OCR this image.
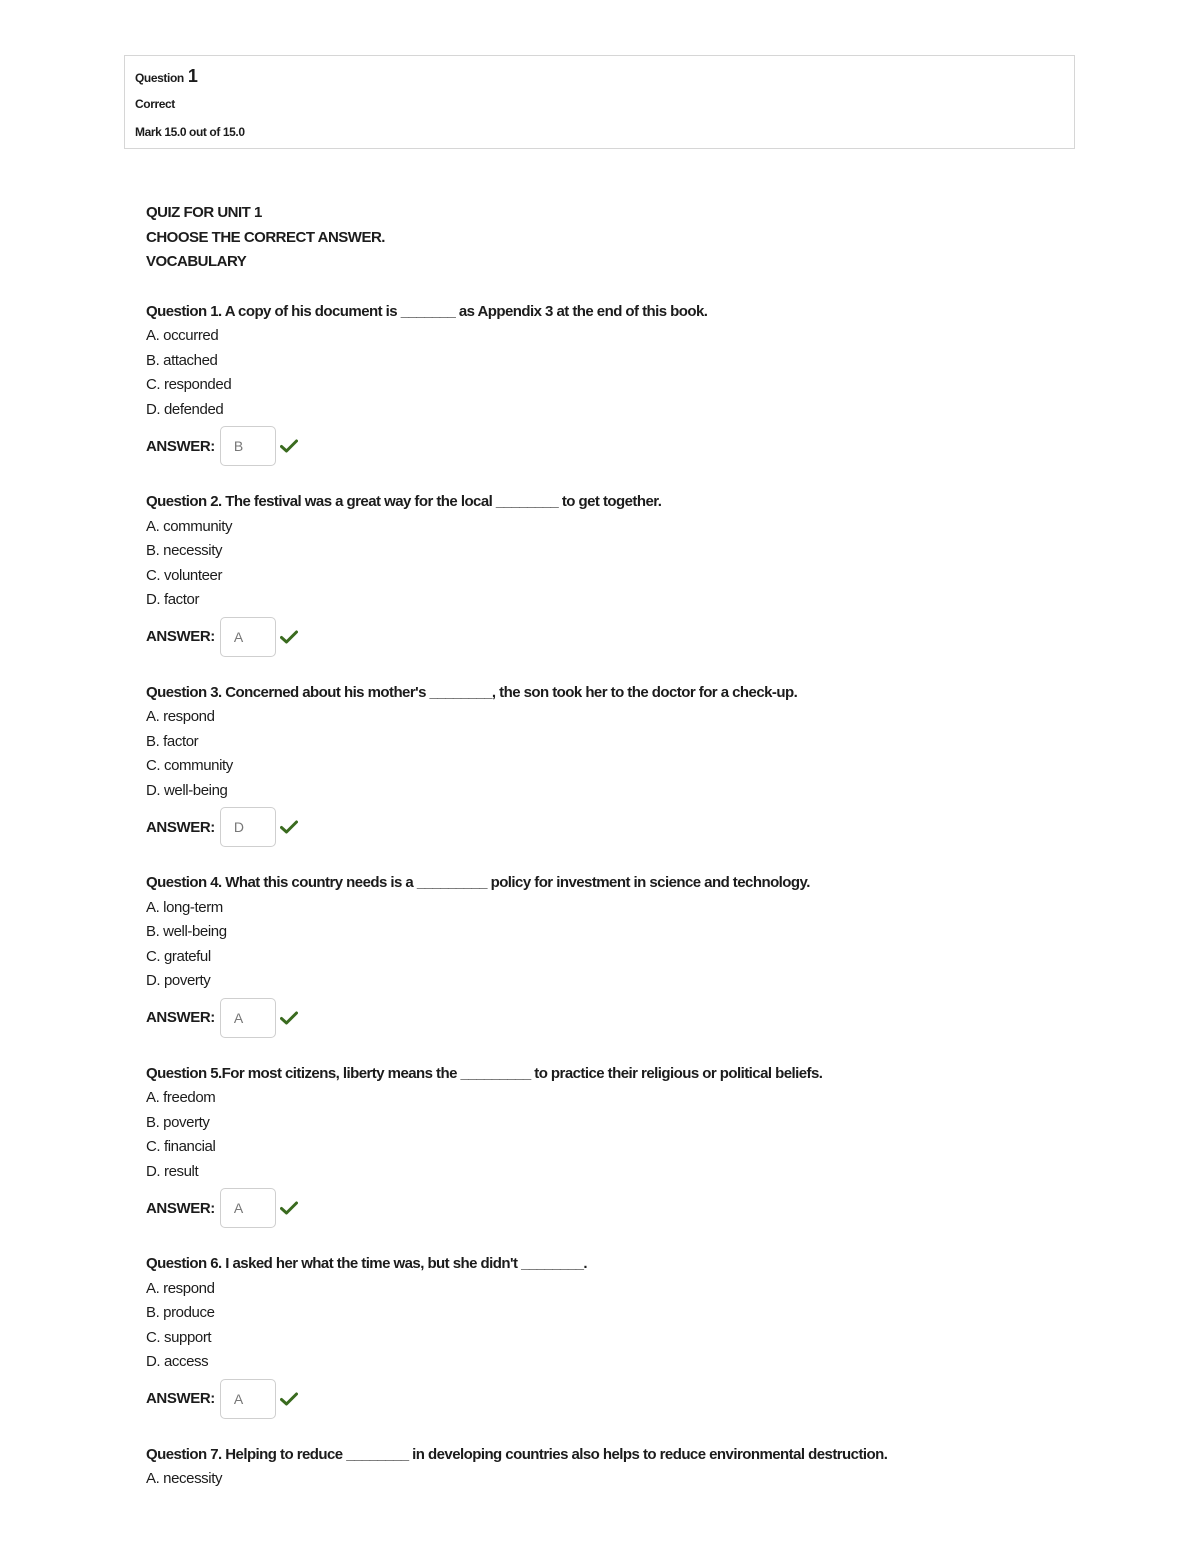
Question 1
Correct
Mark 15.0 out of 15.0
QUIZ FOR UNIT 1
CHOOSE THE CORRECT ANSWER.
VOCABULARY
Question 1. A copy of his document is _______ as Appendix 3 at the end of this book.
A. occurred
B. attached
C. responded
D. defended
ANSWER:
B
Question 2. The festival was a great way for the local ________ to get together.
A. community
B. necessity
C. volunteer
D. factor
ANSWER:
A
Question 3. Concerned about his mother's ________, the son took her to the doctor for a check-up.
A. respond
B. factor
C. community
D. well-being
ANSWER:
D
Question 4. What this country needs is a _________ policy for investment in science and technology.
A. long-term
B. well-being
C. grateful
D. poverty
ANSWER:
A
Question 5.For most citizens, liberty means the _________ to practice their religious or political beliefs.
A. freedom
B. poverty
C. financial
D. result
ANSWER:
A
Question 6. I asked her what the time was, but she didn't ________.
A. respond
B. produce
C. support
D. access
ANSWER:
A
Question 7. Helping to reduce ________ in developing countries also helps to reduce environmental destruction.
A. necessity
